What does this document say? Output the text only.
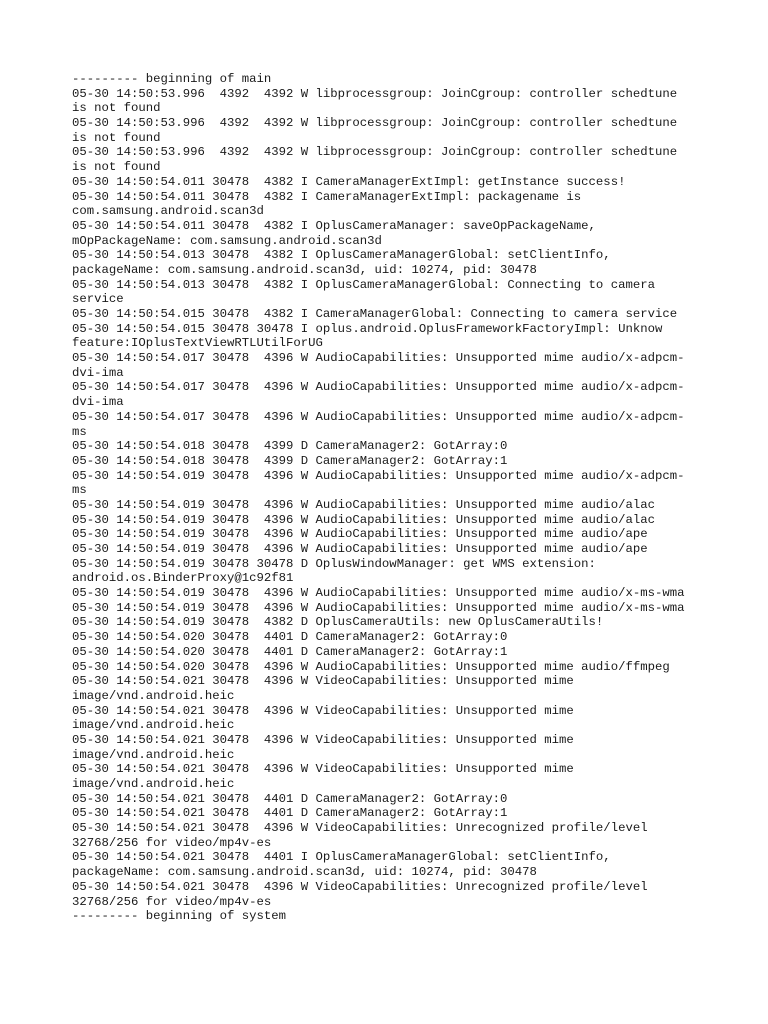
--------- beginning of main
05-30 14:50:53.996  4392  4392 W libprocessgroup: JoinCgroup: controller schedtune
is not found
05-30 14:50:53.996  4392  4392 W libprocessgroup: JoinCgroup: controller schedtune
is not found
05-30 14:50:53.996  4392  4392 W libprocessgroup: JoinCgroup: controller schedtune
is not found
05-30 14:50:54.011 30478  4382 I CameraManagerExtImpl: getInstance success!
05-30 14:50:54.011 30478  4382 I CameraManagerExtImpl: packagename is
com.samsung.android.scan3d
05-30 14:50:54.011 30478  4382 I OplusCameraManager: saveOpPackageName,
mOpPackageName: com.samsung.android.scan3d
05-30 14:50:54.013 30478  4382 I OplusCameraManagerGlobal: setClientInfo,
packageName: com.samsung.android.scan3d, uid: 10274, pid: 30478
05-30 14:50:54.013 30478  4382 I OplusCameraManagerGlobal: Connecting to camera
service
05-30 14:50:54.015 30478  4382 I CameraManagerGlobal: Connecting to camera service
05-30 14:50:54.015 30478 30478 I oplus.android.OplusFrameworkFactoryImpl: Unknow
feature:IOplusTextViewRTLUtilForUG
05-30 14:50:54.017 30478  4396 W AudioCapabilities: Unsupported mime audio/x-adpcm-
dvi-ima
05-30 14:50:54.017 30478  4396 W AudioCapabilities: Unsupported mime audio/x-adpcm-
dvi-ima
05-30 14:50:54.017 30478  4396 W AudioCapabilities: Unsupported mime audio/x-adpcm-
ms
05-30 14:50:54.018 30478  4399 D CameraManager2: GotArray:0
05-30 14:50:54.018 30478  4399 D CameraManager2: GotArray:1
05-30 14:50:54.019 30478  4396 W AudioCapabilities: Unsupported mime audio/x-adpcm-
ms
05-30 14:50:54.019 30478  4396 W AudioCapabilities: Unsupported mime audio/alac
05-30 14:50:54.019 30478  4396 W AudioCapabilities: Unsupported mime audio/alac
05-30 14:50:54.019 30478  4396 W AudioCapabilities: Unsupported mime audio/ape
05-30 14:50:54.019 30478  4396 W AudioCapabilities: Unsupported mime audio/ape
05-30 14:50:54.019 30478 30478 D OplusWindowManager: get WMS extension:
android.os.BinderProxy@1c92f81
05-30 14:50:54.019 30478  4396 W AudioCapabilities: Unsupported mime audio/x-ms-wma
05-30 14:50:54.019 30478  4396 W AudioCapabilities: Unsupported mime audio/x-ms-wma
05-30 14:50:54.019 30478  4382 D OplusCameraUtils: new OplusCameraUtils!
05-30 14:50:54.020 30478  4401 D CameraManager2: GotArray:0
05-30 14:50:54.020 30478  4401 D CameraManager2: GotArray:1
05-30 14:50:54.020 30478  4396 W AudioCapabilities: Unsupported mime audio/ffmpeg
05-30 14:50:54.021 30478  4396 W VideoCapabilities: Unsupported mime
image/vnd.android.heic
05-30 14:50:54.021 30478  4396 W VideoCapabilities: Unsupported mime
image/vnd.android.heic
05-30 14:50:54.021 30478  4396 W VideoCapabilities: Unsupported mime
image/vnd.android.heic
05-30 14:50:54.021 30478  4396 W VideoCapabilities: Unsupported mime
image/vnd.android.heic
05-30 14:50:54.021 30478  4401 D CameraManager2: GotArray:0
05-30 14:50:54.021 30478  4401 D CameraManager2: GotArray:1
05-30 14:50:54.021 30478  4396 W VideoCapabilities: Unrecognized profile/level
32768/256 for video/mp4v-es
05-30 14:50:54.021 30478  4401 I OplusCameraManagerGlobal: setClientInfo,
packageName: com.samsung.android.scan3d, uid: 10274, pid: 30478
05-30 14:50:54.021 30478  4396 W VideoCapabilities: Unrecognized profile/level
32768/256 for video/mp4v-es
--------- beginning of system
